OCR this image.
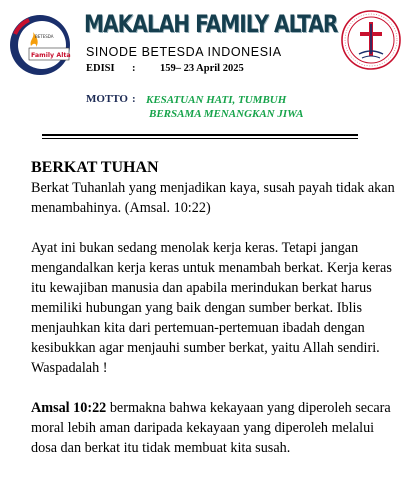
BETESDA
Family Altar
MAKALAH FAMILY ALTAR
SINODE BETESDA INDONESIA
EDISI : 159– 23 April 2025
MOTTO : KESATUAN HATI, TUMBUH
BERSAMA MENANGKAN JIWA
BERKAT TUHAN

Berkat Tuhanlah yang menjadikan kaya, susah payah tidak akan menambahinya. (Amsal. 10:22)

Ayat ini bukan sedang menolak kerja keras. Tetapi jangan mengandalkan kerja keras untuk menambah berkat. Kerja keras itu kewajiban manusia dan apabila merindukan berkat harus memiliki hubungan yang baik dengan sumber berkat. Iblis menjauhkan kita dari pertemuan-pertemuan ibadah dengan kesibukkan agar menjauhi sumber berkat, yaitu Allah sendiri. Waspadalah !

Amsal 10:22 bermakna bahwa kekayaan yang diperoleh secara moral lebih aman daripada kekayaan yang diperoleh melalui dosa dan berkat itu tidak membuat kita susah.
